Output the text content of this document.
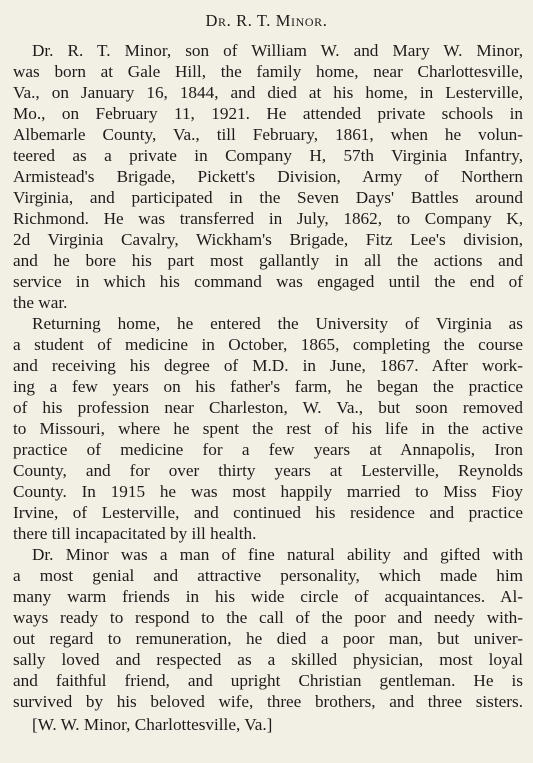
Dr. R. T. Minor.
Dr. R. T. Minor, son of William W. and Mary W. Minor,
was born at Gale Hill, the family home, near Charlottesville,
Va., on January 16, 1844, and died at his home, in Lesterville,
Mo., on February 11, 1921. He attended private schools in
Albemarle County, Va., till February, 1861, when he volun-
teered as a private in Company H, 57th Virginia Infantry,
Armistead's Brigade, Pickett's Division, Army of Northern
Virginia, and participated in the Seven Days' Battles around
Richmond. He was transferred in July, 1862, to Company K,
2d Virginia Cavalry, Wickham's Brigade, Fitz Lee's division,
and he bore his part most gallantly in all the actions and
service in which his command was engaged until the end of
the war.
Returning home, he entered the University of Virginia as
a student of medicine in October, 1865, completing the course
and receiving his degree of M.D. in June, 1867. After work-
ing a few years on his father's farm, he began the practice
of his profession near Charleston, W. Va., but soon removed
to Missouri, where he spent the rest of his life in the active
practice of medicine for a few years at Annapolis, Iron
County, and for over thirty years at Lesterville, Reynolds
County. In 1915 he was most happily married to Miss Fioy
Irvine, of Lesterville, and continued his residence and practice
there till incapacitated by ill health.
Dr. Minor was a man of fine natural ability and gifted with
a most genial and attractive personality, which made him
many warm friends in his wide circle of acquaintances. Al-
ways ready to respond to the call of the poor and needy with-
out regard to remuneration, he died a poor man, but univer-
sally loved and respected as a skilled physician, most loyal
and faithful friend, and upright Christian gentleman. He is
survived by his beloved wife, three brothers, and three sisters.
[W. W. Minor, Charlottesville, Va.]
